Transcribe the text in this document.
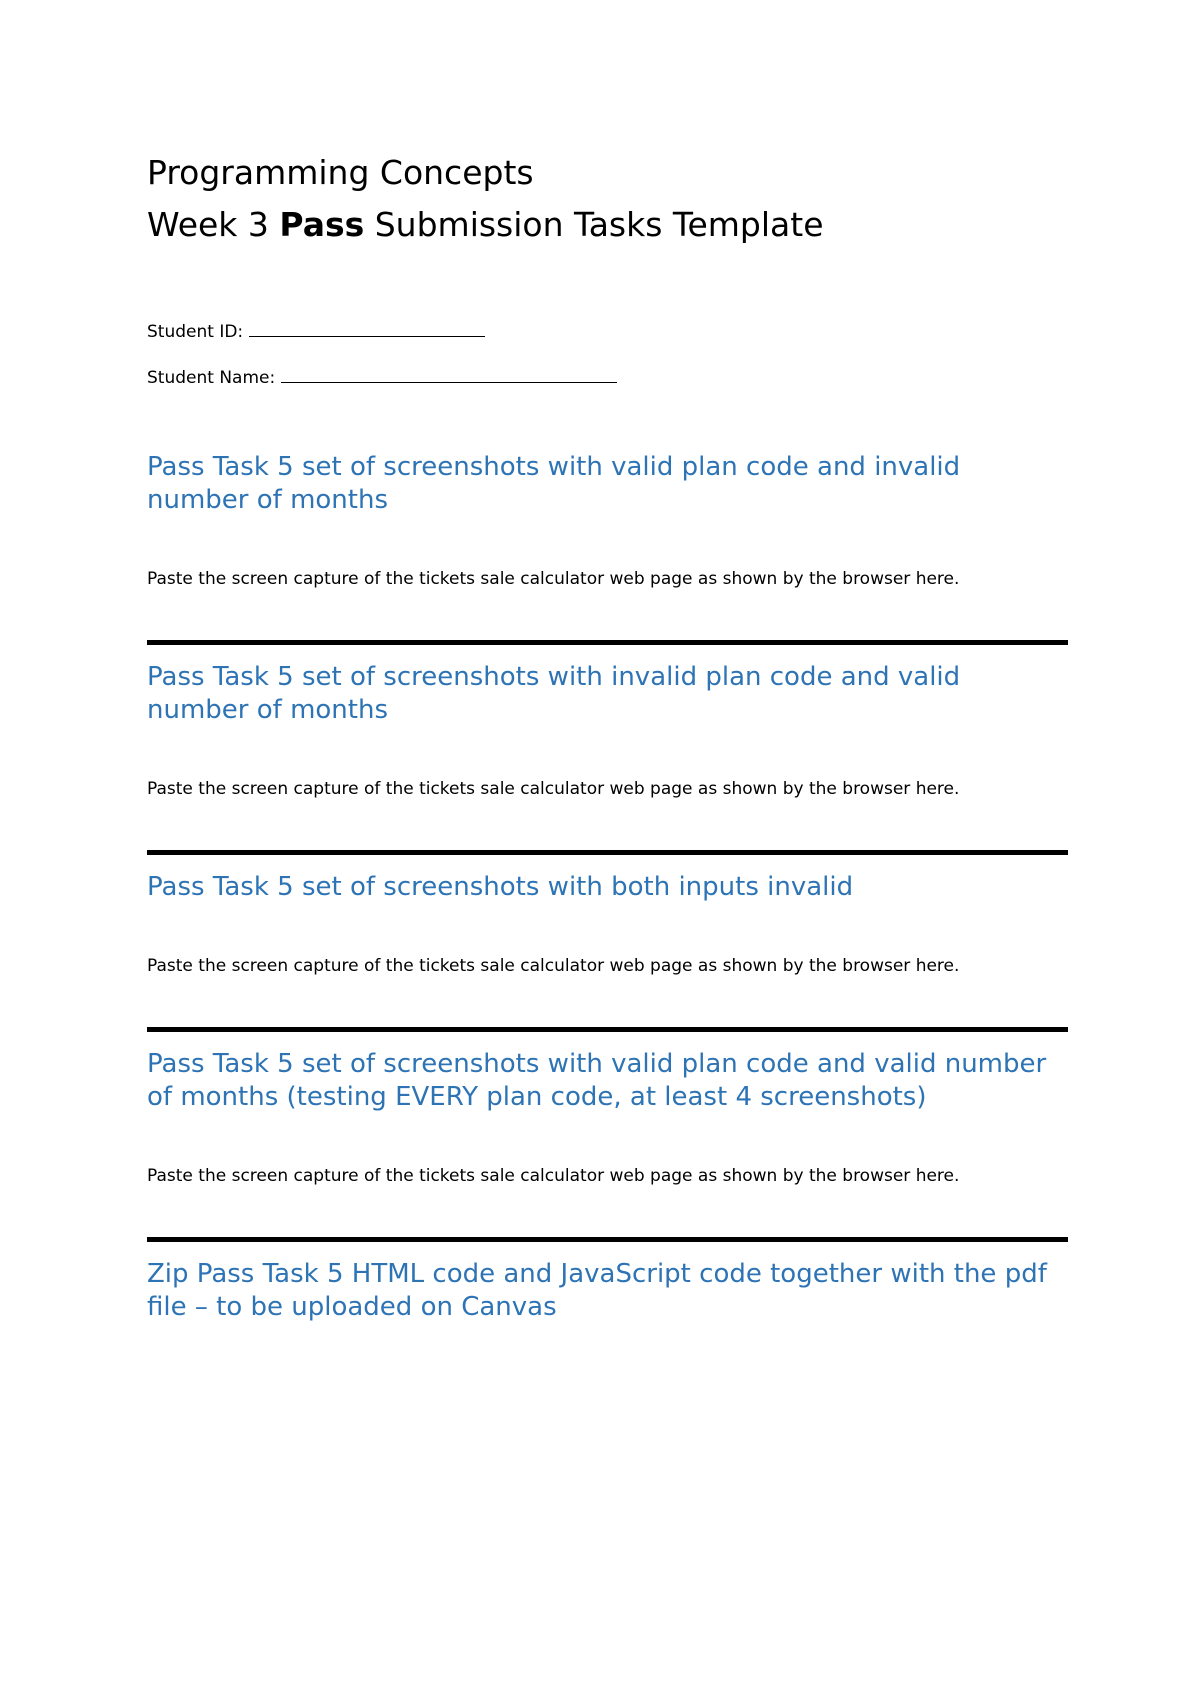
Programming Concepts
Week 3 Pass Submission Tasks Template
Student ID:
Student Name:
Pass Task 5 set of screenshots with valid plan code and invalid number of months
Paste the screen capture of the tickets sale calculator web page as shown by the browser here.
Pass Task 5 set of screenshots with invalid plan code and valid number of months
Paste the screen capture of the tickets sale calculator web page as shown by the browser here.
Pass Task 5 set of screenshots with both inputs invalid
Paste the screen capture of the tickets sale calculator web page as shown by the browser here.
Pass Task 5 set of screenshots with valid plan code and valid number of months (testing EVERY plan code, at least 4 screenshots)
Paste the screen capture of the tickets sale calculator web page as shown by the browser here.
Zip Pass Task 5 HTML code and JavaScript code together with the pdf file – to be uploaded on Canvas
